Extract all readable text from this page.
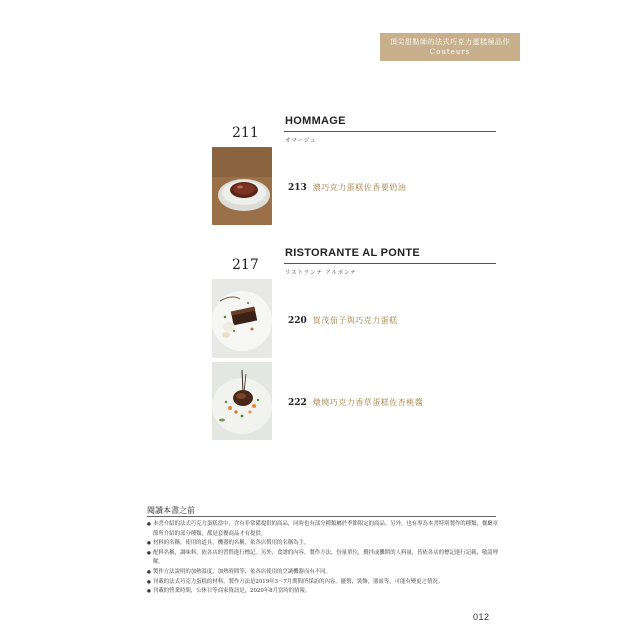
頂尖甜點師的法式巧克力蛋糕極品作
Couteurs
211
HOMMAGE
オマージュ
213 濃巧克力蛋糕佐香要奶油
217
RISTORANTE AL PONTE
リストランテ アルポンテ
220 賀茂茄子與巧克力蛋糕
222 燉燒巧克力香草蛋糕佐杏桃醬
閱讀本書之前
● 本書介紹的法式巧克力蛋糕當中，含有非常備提供的商品，同時也有部分種類屬於季節限定的商品。另外，也有專為本書特別製作的種類，餐廳章節所介紹的部分種類，都是套餐商品才有提供。
● 材料的名稱，使用的道具，機器的名稱，依各店慣用的名稱為主。
● 配料名稱，調味料，依各店的習慣進行標記。另外，食譜的內容，製作方法，份量單位，攪拌或攤開的人料量，皆依各店的標記進行記載，敬請理解。
● 製作方法說明的加熱溫度，加熱時間等，依各店使用的烹調機器而有不同。
● 刊載的法式巧克力蛋糕的材料，製作方法是2019年3～7月期間所採訪的內容。擺盤，裝飾，器皿等，可能有變更之情況。
● 刊載的營業時間，公休日等商家資訊是，2020年8月當時的情報。
012
